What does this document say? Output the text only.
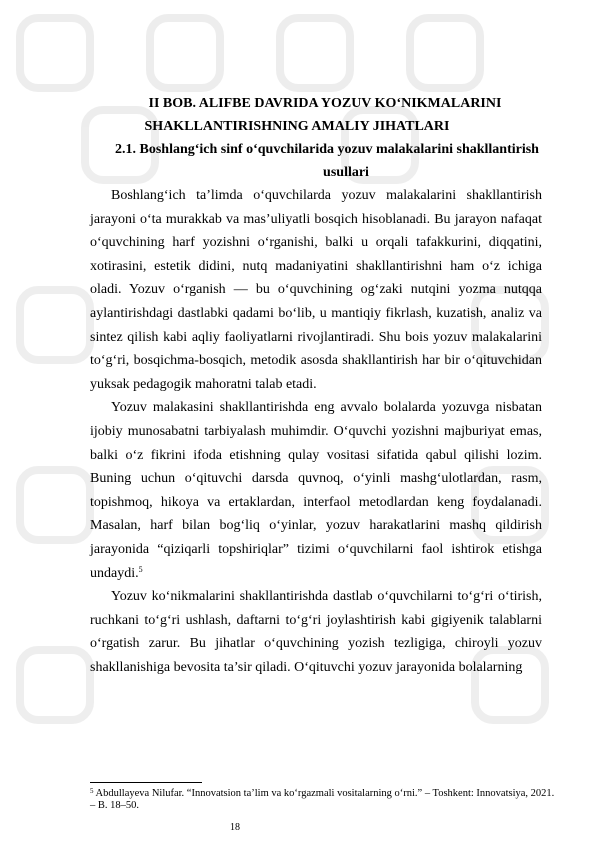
II BOB. ALIFBE DAVRIDA YOZUV KO‘NIKMALARINI
SHAKLLANTIRISHNING AMALIY JIHATLARI
2.1. Boshlang‘ich sinf o‘quvchilarida yozuv malakalarini shakllantirish
usullari

Boshlang‘ich ta’limda o‘quvchilarda yozuv malakalarini shakllantirish jarayoni o‘ta murakkab va mas’uliyatli bosqich hisoblanadi. Bu jarayon nafaqat o‘quvchining harf yozishni o‘rganishi, balki u orqali tafakkurini, diqqatini, xotirasini, estetik didini, nutq madaniyatini shakllantirishni ham o‘z ichiga oladi. Yozuv o‘rganish — bu o‘quvchining og‘zaki nutqini yozma nutqqa aylantirishdagi dastlabki qadami bo‘lib, u mantiqiy fikrlash, kuzatish, analiz va sintez qilish kabi aqliy faoliyatlarni rivojlantiradi. Shu bois yozuv malakalarini to‘g‘ri, bosqichma-bosqich, metodik asosda shakllantirish har bir o‘qituvchidan yuksak pedagogik mahoratni talab etadi.

Yozuv malakasini shakllantirishda eng avvalo bolalarda yozuvga nisbatan ijobiy munosabatni tarbiyalash muhimdir. O‘quvchi yozishni majburiyat emas, balki o‘z fikrini ifoda etishning qulay vositasi sifatida qabul qilishi lozim. Buning uchun o‘qituvchi darsda quvnoq, o‘yinli mashg‘ulotlardan, rasm, topishmoq, hikoya va ertaklardan, interfaol metodlardan keng foydalanadi. Masalan, harf bilan bog‘liq o‘yinlar, yozuv harakatlarini mashq qildirish jarayonida “qiziqarli topshiriqlar” tizimi o‘quvchilarni faol ishtirok etishga undaydi.$^5$

Yozuv ko‘nikmalarini shakllantirishda dastlab o‘quvchilarni to‘g‘ri o‘tirish, ruchkani to‘g‘ri ushlash, daftarni to‘g‘ri joylashtirish kabi gigiyenik talablarni o‘rgatish zarur. Bu jihatlar o‘quvchining yozish tezligiga, chiroyli yozuv shakllanishiga bevosita ta’sir qiladi. O‘qituvchi yozuv jarayonida bolalarning

$^5$ Abdullayeva Nilufar. “Innovatsion ta’lim va ko‘rgazmali vositalarning o‘rni.” – Toshkent: Innovatsiya, 2021. – B. 18–50.
18
